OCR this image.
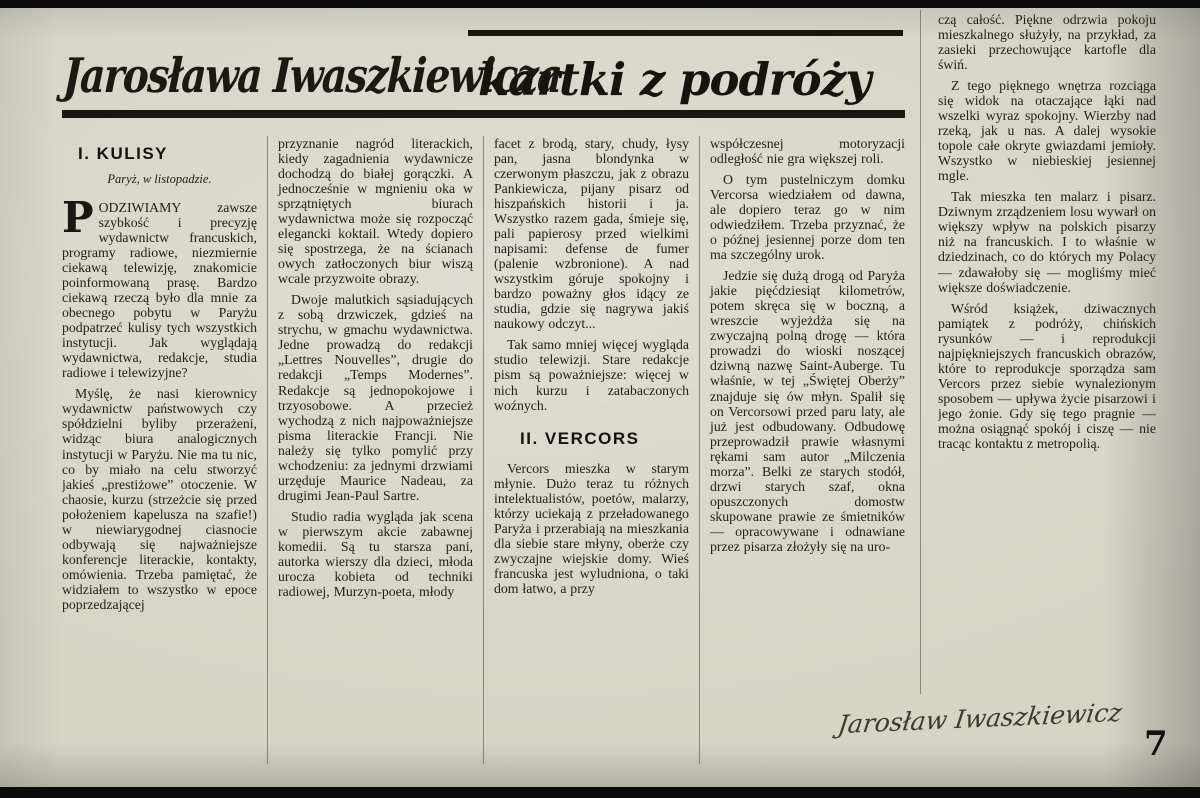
Jarosława Iwaszkiewicza
kartki z podróży
I. KULISY

Paryż, w listopadzie.

PODZIWIAMY zawsze szybkość i precyzję wydawnictw francuskich, programy radiowe, niezmiernie ciekawą telewizję, znakomicie poinformowaną prasę. Bardzo ciekawą rzeczą było dla mnie za obecnego pobytu w Paryżu podpatrzeć kulisy tych wszystkich instytucji. Jak wyglądają wydawnictwa, redakcje, studia radiowe i telewizyjne?

Myślę, że nasi kierownicy wydawnictw państwowych czy spółdzielni byliby przerażeni, widząc biura analogicznych instytucji w Paryżu. Nie ma tu nic, co by miało na celu stworzyć jakieś „prestiżowe” otoczenie. W chaosie, kurzu (strzeżcie się przed położeniem kapelusza na szafie!) w niewiarygodnej ciasnocie odbywają się najważniejsze konferencje literackie, kontakty, omówienia. Trzeba pamiętać, że widziałem to wszystko w epoce poprzedzającej

przyznanie nagród literackich, kiedy zagadnienia wydawnicze dochodzą do białej gorączki. A jednocześnie w mgnieniu oka w sprzątniętych biurach wydawnictwa może się rozpocząć elegancki koktail. Wtedy dopiero się spostrzega, że na ścianach owych zatłoczonych biur wiszą wcale przyzwoite obrazy.

Dwoje malutkich sąsiadujących z sobą drzwiczek, gdzieś na strychu, w gmachu wydawnictwa. Jedne prowadzą do redakcji „Lettres Nouvelles”, drugie do redakcji „Temps Modernes”. Redakcje są jednopokojowe i trzyosobowe. A przecież wychodzą z nich najpoważniejsze pisma literackie Francji. Nie należy się tylko pomylić przy wchodzeniu: za jednymi drzwiami urzęduje Maurice Nadeau, za drugimi Jean-Paul Sartre.

Studio radia wygląda jak scena w pierwszym akcie zabawnej komedii. Są tu starsza pani, autorka wierszy dla dzieci, młoda urocza kobieta od techniki radiowej, Murzyn-poeta, młody

facet z brodą, stary, chudy, łysy pan, jasna blondynka w czerwonym płaszczu, jak z obrazu Pankiewicza, pijany pisarz od hiszpańskich historii i ja. Wszystko razem gada, śmieje się, pali papierosy przed wielkimi napisami: defense de fumer (palenie wzbronione). A nad wszystkim góruje spokojny i bardzo poważny głos idący ze studia, gdzie się nagrywa jakiś naukowy odczyt...

Tak samo mniej więcej wygląda studio telewizji. Stare redakcje pism są poważniejsze: więcej w nich kurzu i zatabaczonych woźnych.

II. VERCORS

Vercors mieszka w starym młynie. Dużo teraz tu różnych intelektualistów, poetów, malarzy, którzy uciekają z przeładowanego Paryża i przerabiają na mieszkania dla siebie stare młyny, oberże czy zwyczajne wiejskie domy. Wieś francuska jest wyludniona, o taki dom łatwo, a przy

współczesnej motoryzacji odległość nie gra większej roli.

O tym pustelniczym domku Vercorsa wiedziałem od dawna, ale dopiero teraz go w nim odwiedziłem. Trzeba przyznać, że o późnej jesiennej porze dom ten ma szczególny urok.

Jedzie się dużą drogą od Paryża jakie pięćdziesiąt kilometrów, potem skręca się w boczną, a wreszcie wyjeżdża się na zwyczajną polną drogę — która prowadzi do wioski noszącej dziwną nazwę Saint-Auberge. Tu właśnie, w tej „Świętej Oberży” znajduje się ów młyn. Spalił się on Vercorsowi przed paru laty, ale już jest odbudowany. Odbudowę przeprowadził prawie własnymi rękami sam autor „Milczenia morza”. Belki ze starych stodół, drzwi starych szaf, okna opuszczonych domostw skupowane prawie ze śmietników — opracowywane i odnawiane przez pisarza złożyły się na uro-

czą całość. Piękne odrzwia pokoju mieszkalnego służyły, na przykład, za zasieki przechowujące kartofle dla świń.

Z tego pięknego wnętrza rozciąga się widok na otaczające łąki nad wszelki wyraz spokojny. Wierzby nad rzeką, jak u nas. A dalej wysokie topole całe okryte gwiazdami jemioły. Wszystko w niebieskiej jesiennej mgle.

Tak mieszka ten malarz i pisarz. Dziwnym zrządzeniem losu wywarł on większy wpływ na polskich pisarzy niż na francuskich. I to właśnie w dziedzinach, co do których my Polacy — zdawałoby się — mogliśmy mieć większe doświadczenie.

Wśród książek, dziwacznych pamiątek z podróży, chińskich rysunków — i reprodukcji najpiękniejszych francuskich obrazów, które to reprodukcje sporządza sam Vercors przez siebie wynalezionym sposobem — upływa życie pisarzowi i jego żonie. Gdy się tego pragnie — można osiągnąć spokój i ciszę — nie tracąc kontaktu z metropolią.

Jarosław Iwaszkiewicz
7
